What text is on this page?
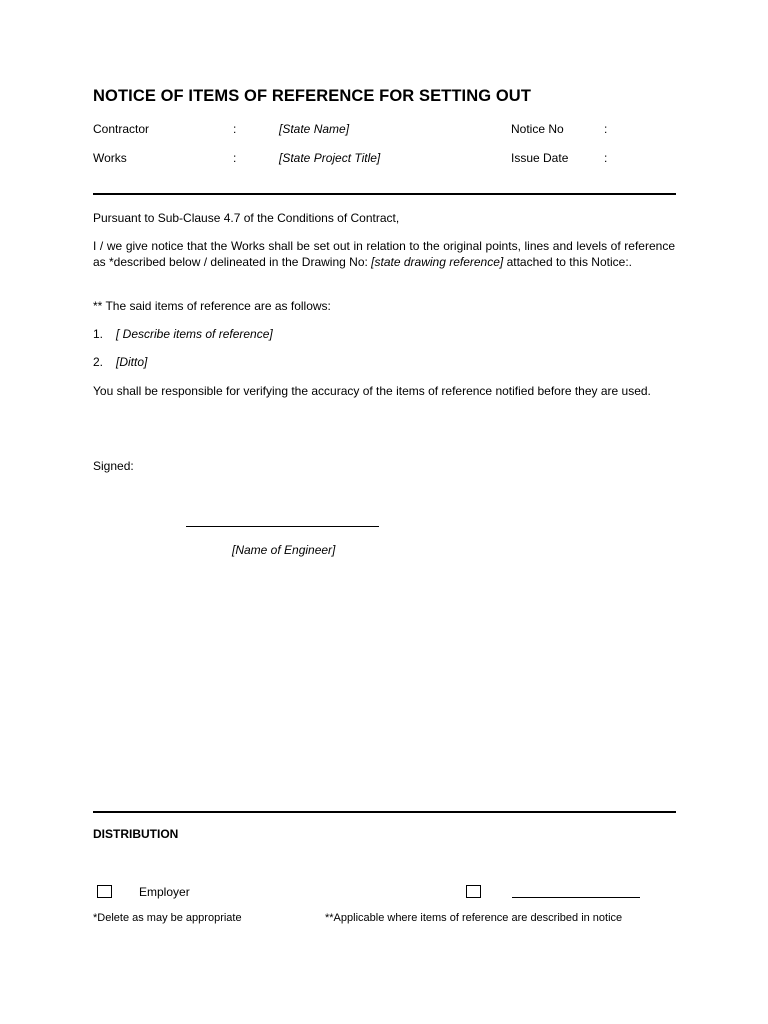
NOTICE OF ITEMS OF REFERENCE FOR SETTING OUT
Contractor	:	[State Name]	Notice No	:
Works	:	[State Project Title]	Issue Date	:
Pursuant to Sub-Clause 4.7 of the Conditions of Contract,
I / we give notice that the Works shall be set out in relation to the original points, lines and levels of reference as *described below / delineated in the Drawing No: [state drawing reference] attached to this Notice:.
** The said items of reference are as follows:
1. [ Describe items of reference]
2. [Ditto]
You shall be responsible for verifying the accuracy of the items of reference notified before they are used.
Signed:
[Name of Engineer]
DISTRIBUTION
Employer
*Delete as may be appropriate	**Applicable where items of reference are described in notice
